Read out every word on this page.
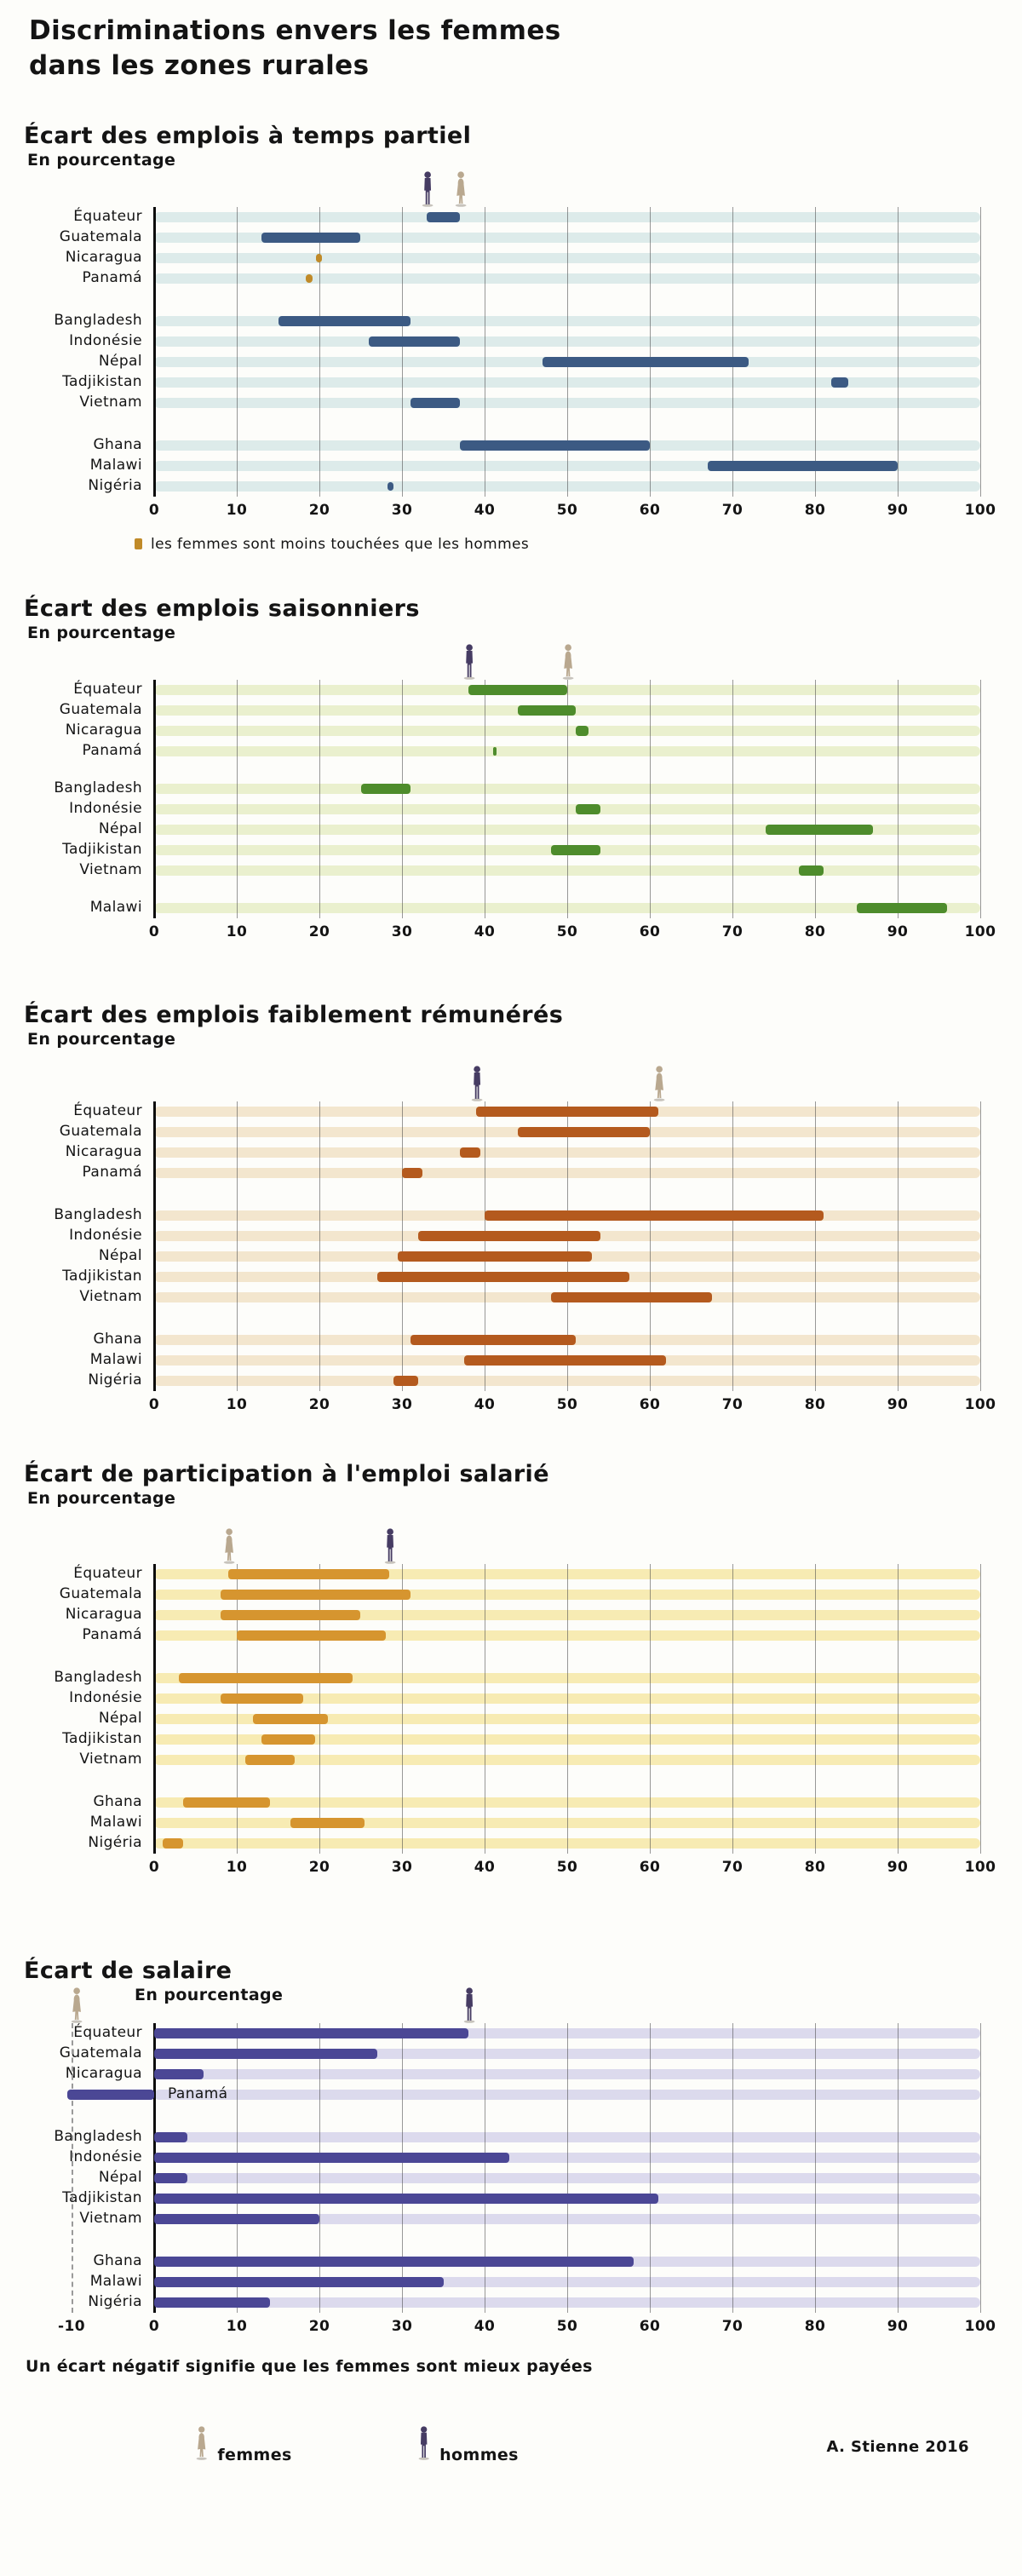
Discriminations envers les femmes
dans les zones rurales
Écart des emplois à temps partiel
En pourcentage
Équateur
Guatemala
Nicaragua
Panamá
Bangladesh
Indonésie
Népal
Tadjikistan
Vietnam
Ghana
Malawi
Nigéria
0	10	20	30	40	50	60	70	80	90	100
les femmes sont moins touchées que les hommes
Écart des emplois saisonniers
En pourcentage
Équateur
Guatemala
Nicaragua
Panamá
Bangladesh
Indonésie
Népal
Tadjikistan
Vietnam
Malawi
0	10	20	30	40	50	60	70	80	90	100
Écart des emplois faiblement rémunérés
En pourcentage
Équateur
Guatemala
Nicaragua
Panamá
Bangladesh
Indonésie
Népal
Tadjikistan
Vietnam
Ghana
Malawi
Nigéria
0	10	20	30	40	50	60	70	80	90	100
Écart de participation à l'emploi salarié
En pourcentage
Équateur
Guatemala
Nicaragua
Panamá
Bangladesh
Indonésie
Népal
Tadjikistan
Vietnam
Ghana
Malawi
Nigéria
0	10	20	30	40	50	60	70	80	90	100
Écart de salaire
En pourcentage
Équateur
Guatemala
Nicaragua
Panamá
Bangladesh
Indonésie
Népal
Tadjikistan
Vietnam
Ghana
Malawi
Nigéria
-10	0	10	20	30	40	50	60	70	80	90	100

Un écart négatif signifie que les femmes sont mieux payées

femmes	hommes	A. Stienne 2016
